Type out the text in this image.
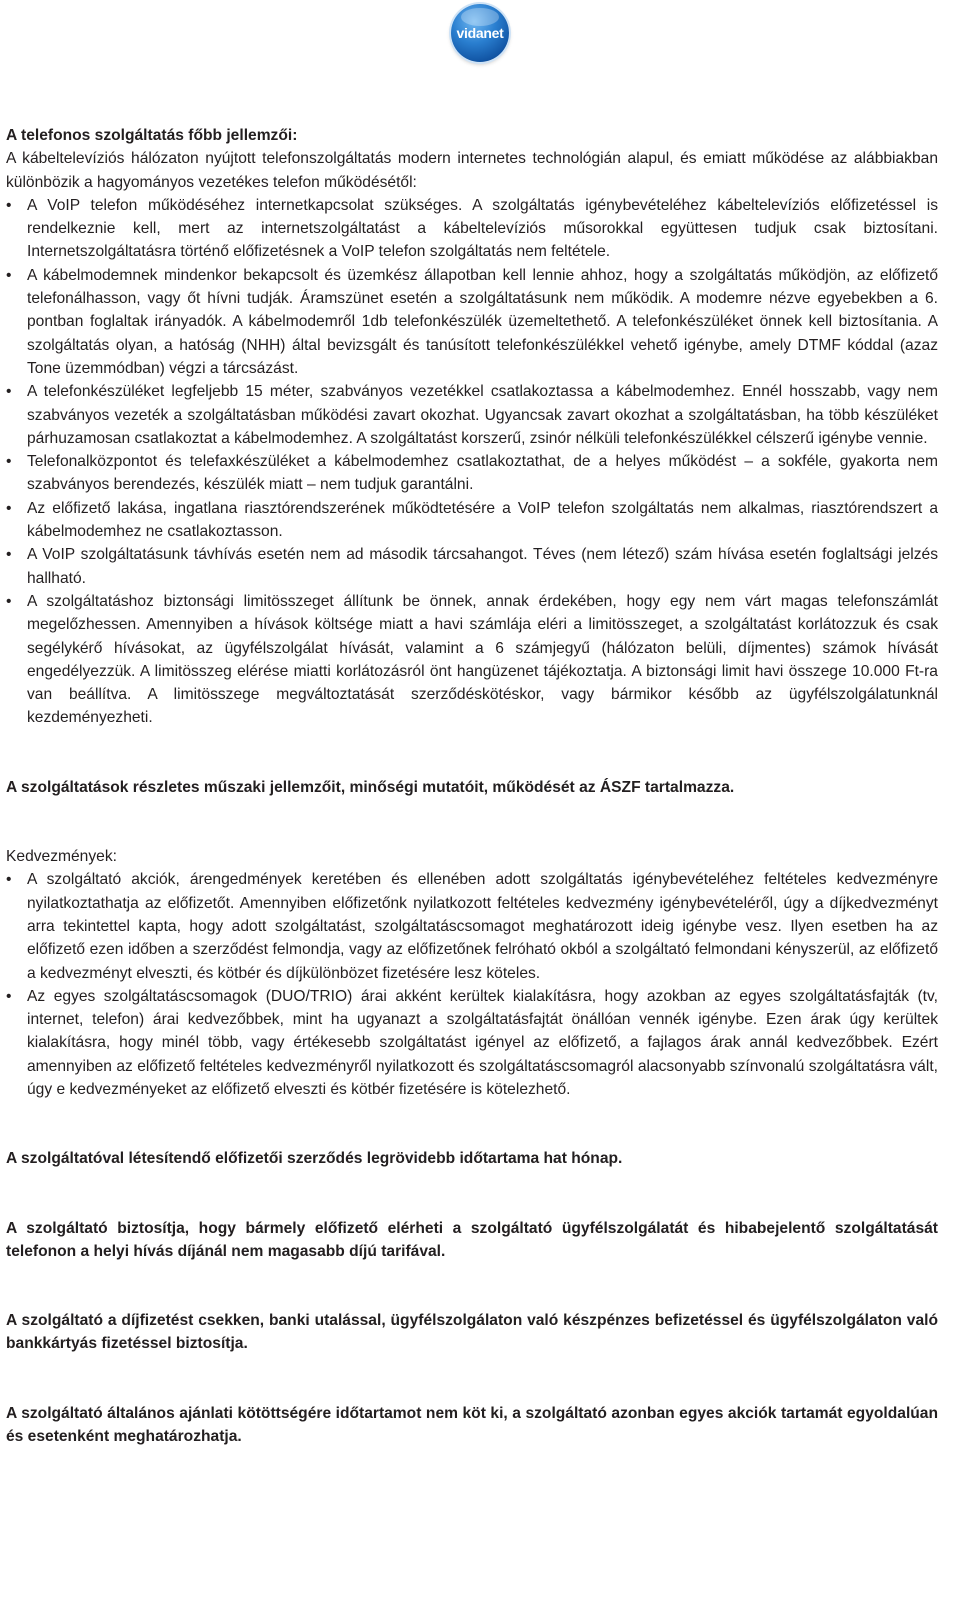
vidanet

A telefonos szolgáltatás főbb jellemzői:

A kábeltelevíziós hálózaton nyújtott telefonszolgáltatás modern internetes technológián alapul, és emiatt működése az alábbiakban különbözik a hagyományos vezetékes telefon működésétől:

• A VoIP telefon működéséhez internetkapcsolat szükséges. A szolgáltatás igénybevételéhez kábeltelevíziós előfizetéssel is rendelkeznie kell, mert az internetszolgáltatást a kábeltelevíziós műsorokkal együttesen tudjuk csak biztosítani. Internetszolgáltatásra történő előfizetésnek a VoIP telefon szolgáltatás nem feltétele.
• A kábelmodemnek mindenkor bekapcsolt és üzemkész állapotban kell lennie ahhoz, hogy a szolgáltatás működjön, az előfizető telefonálhasson, vagy őt hívni tudják. Áramszünet esetén a szolgáltatásunk nem működik. A modemre nézve egyebekben a 6. pontban foglaltak irányadók. A kábelmodemről 1db telefonkészülék üzemeltethető. A telefonkészüléket önnek kell biztosítania. A szolgáltatás olyan, a hatóság (NHH) által bevizsgált és tanúsított telefonkészülékkel vehető igénybe, amely DTMF kóddal (azaz Tone üzemmódban) végzi a tárcsázást.
• A telefonkészüléket legfeljebb 15 méter, szabványos vezetékkel csatlakoztassa a kábelmodemhez. Ennél hosszabb, vagy nem szabványos vezeték a szolgáltatásban működési zavart okozhat. Ugyancsak zavart okozhat a szolgáltatásban, ha több készüléket párhuzamosan csatlakoztat a kábelmodemhez. A szolgáltatást korszerű, zsinór nélküli telefonkészülékkel célszerű igénybe vennie.
• Telefonalközpontot és telefaxkészüléket a kábelmodemhez csatlakoztathat, de a helyes működést – a sokféle, gyakorta nem szabványos berendezés, készülék miatt – nem tudjuk garantálni.
• Az előfizető lakása, ingatlana riasztórendszerének működtetésére a VoIP telefon szolgáltatás nem alkalmas, riasztórendszert a kábelmodemhez ne csatlakoztasson.
• A VoIP szolgáltatásunk távhívás esetén nem ad második tárcsahangot. Téves (nem létező) szám hívása esetén foglaltsági jelzés hallható.
• A szolgáltatáshoz biztonsági limitösszeget állítunk be önnek, annak érdekében, hogy egy nem várt magas telefonszámlát megelőzhessen. Amennyiben a hívások költsége miatt a havi számlája eléri a limitösszeget, a szolgáltatást korlátozzuk és csak segélykérő hívásokat, az ügyfélszolgálat hívását, valamint a 6 számjegyű (hálózaton belüli, díjmentes) számok hívását engedélyezzük. A limitösszeg elérése miatti korlátozásról önt hangüzenet tájékoztatja. A biztonsági limit havi összege 10.000 Ft-ra van beállítva. A limitösszege megváltoztatását szerződéskötéskor, vagy bármikor később az ügyfélszolgálatunknál kezdeményezheti.

A szolgáltatások részletes műszaki jellemzőit, minőségi mutatóit, működését az ÁSZF tartalmazza.

Kedvezmények:

• A szolgáltató akciók, árengedmények keretében és ellenében adott szolgáltatás igénybevételéhez feltételes kedvezményre nyilatkoztathatja az előfizetőt. Amennyiben előfizetőnk nyilatkozott feltételes kedvezmény igénybevételéről, úgy a díjkedvezményt arra tekintettel kapta, hogy adott szolgáltatást, szolgáltatáscsomagot meghatározott ideig igénybe vesz. Ilyen esetben ha az előfizető ezen időben a szerződést felmondja, vagy az előfizetőnek felróható okból a szolgáltató felmondani kényszerül, az előfizető a kedvezményt elveszti, és kötbér és díjkülönbözet fizetésére lesz köteles.
• Az egyes szolgáltatáscsomagok (DUO/TRIO) árai akként kerültek kialakításra, hogy azokban az egyes szolgáltatásfajták (tv, internet, telefon) árai kedvezőbbek, mint ha ugyanazt a szolgáltatásfajtát önállóan vennék igénybe. Ezen árak úgy kerültek kialakításra, hogy minél több, vagy értékesebb szolgáltatást igényel az előfizető, a fajlagos árak annál kedvezőbbek. Ezért amennyiben az előfizető feltételes kedvezményről nyilatkozott és szolgáltatáscsomagról alacsonyabb színvonalú szolgáltatásra vált, úgy e kedvezményeket az előfizető elveszti és kötbér fizetésére is kötelezhető.

A szolgáltatóval létesítendő előfizetői szerződés legrövidebb időtartama hat hónap.

A szolgáltató biztosítja, hogy bármely előfizető elérheti a szolgáltató ügyfélszolgálatát és hibabejelentő szolgáltatását telefonon a helyi hívás díjánál nem magasabb díjú tarifával.

A szolgáltató a díjfizetést csekken, banki utalással, ügyfélszolgálaton való készpénzes befizetéssel és ügyfélszolgálaton való bankkártyás fizetéssel biztosítja.

A szolgáltató általános ajánlati kötöttségére időtartamot nem köt ki, a szolgáltató azonban egyes akciók tartamát egyoldalúan és esetenként meghatározhatja.
